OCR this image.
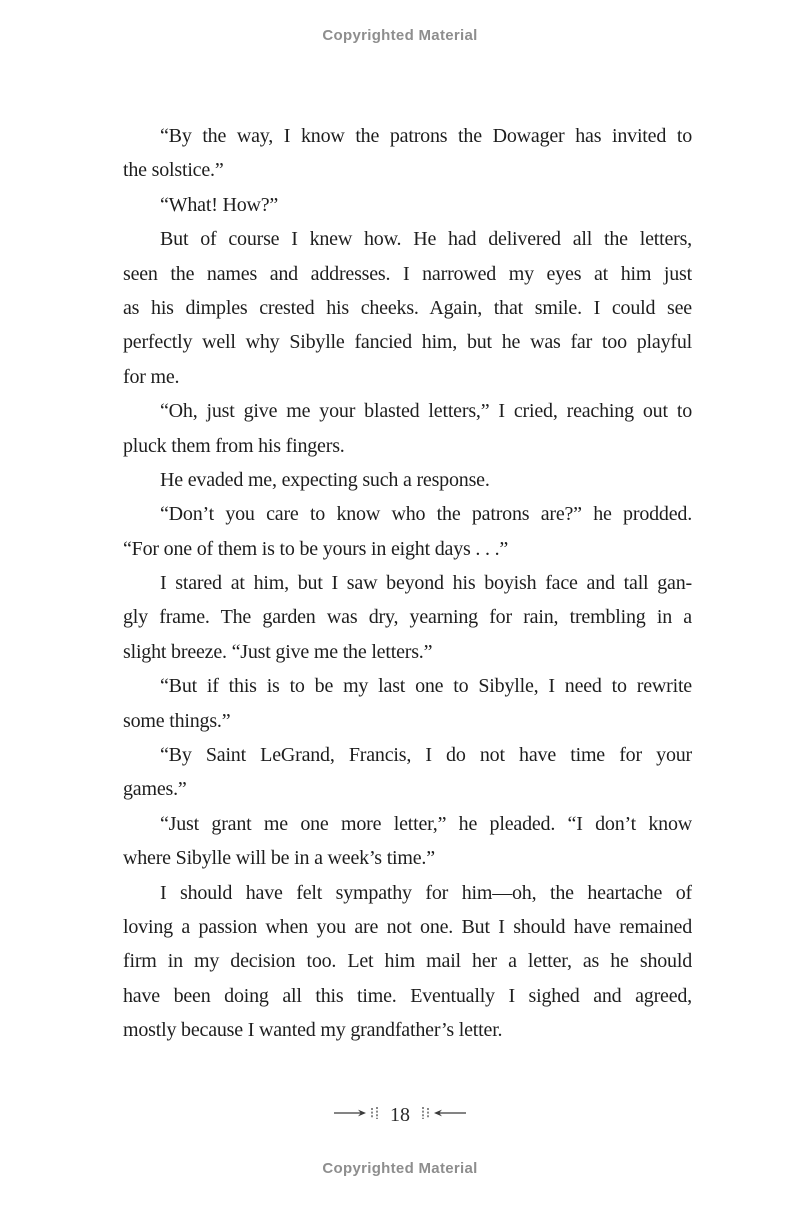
Copyrighted Material

“By the way, I know the patrons the Dowager has invited to
the solstice.”

“What! How?”

But of course I knew how. He had delivered all the letters,
seen the names and addresses. I narrowed my eyes at him just
as his dimples crested his cheeks. Again, that smile. I could see
perfectly well why Sibylle fancied him, but he was far too playful
for me.

“Oh, just give me your blasted letters,” I cried, reaching out to
pluck them from his fingers.

He evaded me, expecting such a response.

“Don’t you care to know who the patrons are?” he prodded.
“For one of them is to be yours in eight days . . .”

I stared at him, but I saw beyond his boyish face and tall gan-
gly frame. The garden was dry, yearning for rain, trembling in a
slight breeze. “Just give me the letters.”

“But if this is to be my last one to Sibylle, I need to rewrite
some things.”

“By Saint LeGrand, Francis, I do not have time for your
games.”

“Just grant me one more letter,” he pleaded. “I don’t know
where Sibylle will be in a week’s time.”

I should have felt sympathy for him—oh, the heartache of
loving a passion when you are not one. But I should have remained
firm in my decision too. Let him mail her a letter, as he should
have been doing all this time. Eventually I sighed and agreed,
mostly because I wanted my grandfather’s letter.

18
Copyrighted Material
